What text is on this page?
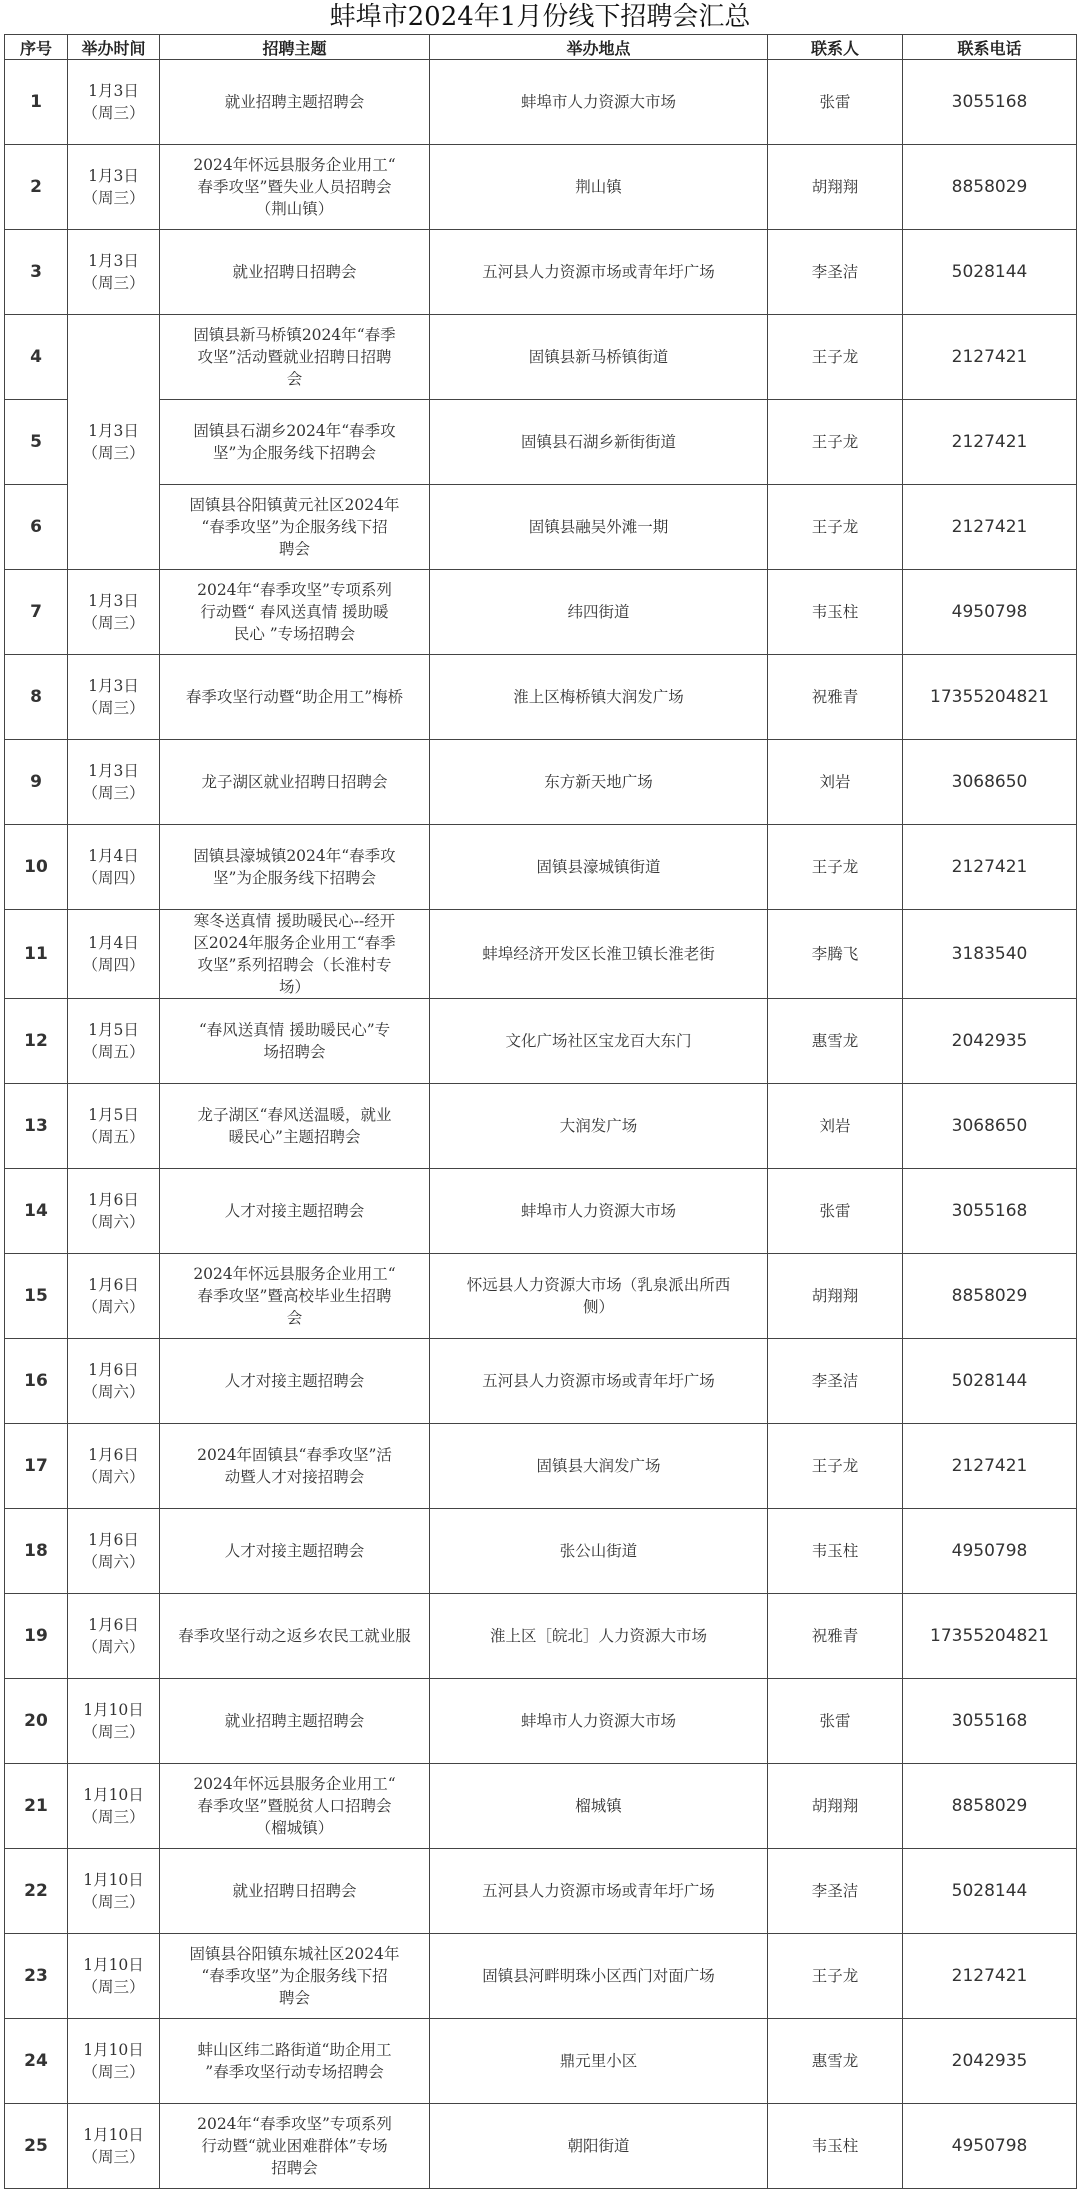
蚌埠市2024年1月份线下招聘会汇总
序号	举办时间	招聘主题	举办地点	联系人	联系电话
1	1月3日
（周三）	就业招聘主题招聘会	蚌埠市人力资源大市场	张雷	3055168
2	1月3日
（周三）	2024年怀远县服务企业用工“
春季攻坚”暨失业人员招聘会
（荆山镇）	荆山镇	胡翔翔	8858029
3	1月3日
（周三）	就业招聘日招聘会	五河县人力资源市场或青年圩广场	李圣洁	5028144
4	1月3日
（周三）	固镇县新马桥镇2024年“春季
攻坚”活动暨就业招聘日招聘
会	固镇县新马桥镇街道	王子龙	2127421
5		固镇县石湖乡2024年“春季攻
坚”为企服务线下招聘会	固镇县石湖乡新街街道	王子龙	2127421
6		固镇县谷阳镇黄元社区2024年
“春季攻坚”为企服务线下招
聘会	固镇县融吴外滩一期	王子龙	2127421
7	1月3日
（周三）	2024年“春季攻坚”专项系列
行动暨“ 春风送真情 援助暖
民心 ”专场招聘会	纬四街道	韦玉柱	4950798
8	1月3日
（周三）	春季攻坚行动暨“助企用工”梅桥	淮上区梅桥镇大润发广场	祝雅青	17355204821
9	1月3日
（周三）	龙子湖区就业招聘日招聘会	东方新天地广场	刘岩	3068650
10	1月4日
（周四）	固镇县濠城镇2024年“春季攻
坚”为企服务线下招聘会	固镇县濠城镇街道	王子龙	2127421
11	1月4日
（周四）	寒冬送真情 援助暖民心--经开
区2024年服务企业用工“春季
攻坚”系列招聘会（长淮村专
场）	蚌埠经济开发区长淮卫镇长淮老街	李腾飞	3183540
12	1月5日
（周五）	“春风送真情 援助暖民心”专
场招聘会	文化广场社区宝龙百大东门	惠雪龙	2042935
13	1月5日
（周五）	龙子湖区“春风送温暖，就业
暖民心”主题招聘会	大润发广场	刘岩	3068650
14	1月6日
（周六）	人才对接主题招聘会	蚌埠市人力资源大市场	张雷	3055168
15	1月6日
（周六）	2024年怀远县服务企业用工“
春季攻坚”暨高校毕业生招聘
会	怀远县人力资源大市场（乳泉派出所西
侧）	胡翔翔	8858029
16	1月6日
（周六）	人才对接主题招聘会	五河县人力资源市场或青年圩广场	李圣洁	5028144
17	1月6日
（周六）	2024年固镇县“春季攻坚”活
动暨人才对接招聘会	固镇县大润发广场	王子龙	2127421
18	1月6日
（周六）	人才对接主题招聘会	张公山街道	韦玉柱	4950798
19	1月6日
（周六）	春季攻坚行动之返乡农民工就业服	淮上区［皖北］人力资源大市场	祝雅青	17355204821
20	1月10日
（周三）	就业招聘主题招聘会	蚌埠市人力资源大市场	张雷	3055168
21	1月10日
（周三）	2024年怀远县服务企业用工“
春季攻坚”暨脱贫人口招聘会
（榴城镇）	榴城镇	胡翔翔	8858029
22	1月10日
（周三）	就业招聘日招聘会	五河县人力资源市场或青年圩广场	李圣洁	5028144
23	1月10日
（周三）	固镇县谷阳镇东城社区2024年
“春季攻坚”为企服务线下招
聘会	固镇县河畔明珠小区西门对面广场	王子龙	2127421
24	1月10日
（周三）	蚌山区纬二路街道“助企用工
”春季攻坚行动专场招聘会	鼎元里小区	惠雪龙	2042935
25	1月10日
（周三）	2024年“春季攻坚”专项系列
行动暨“就业困难群体”专场
招聘会	朝阳街道	韦玉柱	4950798
